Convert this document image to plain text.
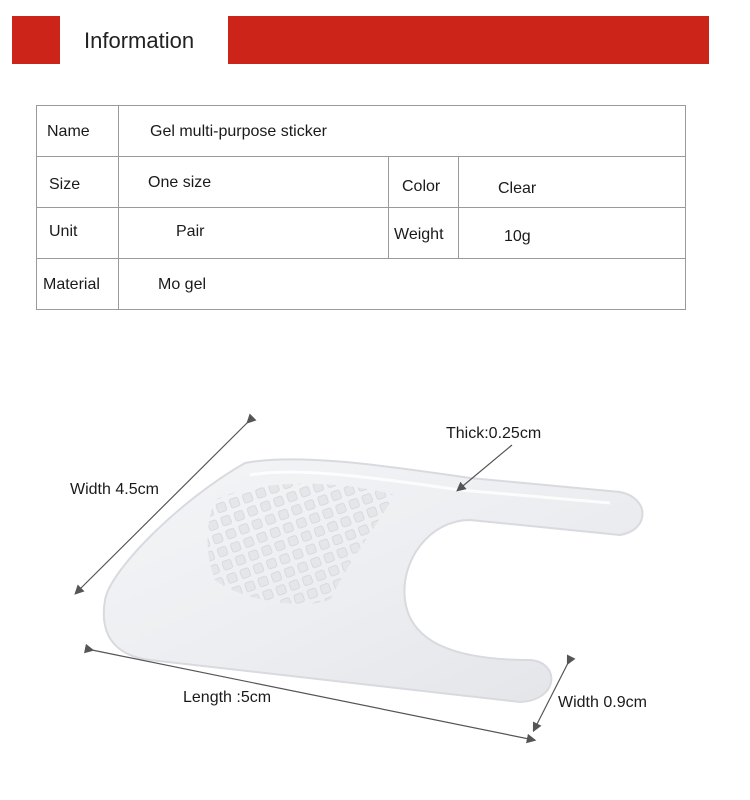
Information
Name	Gel multi-purpose sticker
Size	One size	Color	Clear
Unit	Pair	Weight	10g
Material	Mo gel
Thick:0.25cm
Width 4.5cm
Length :5cm	Width 0.9cm
